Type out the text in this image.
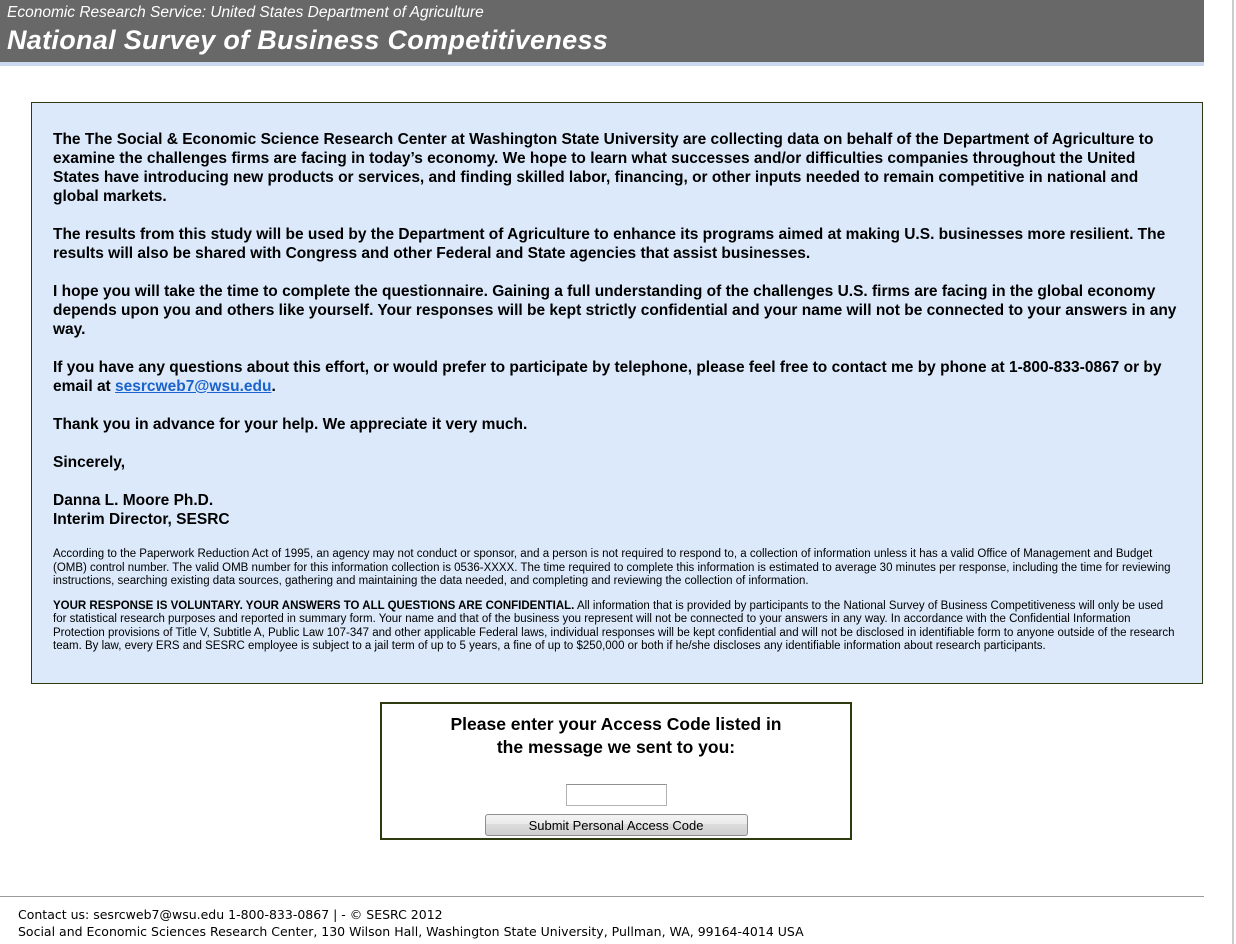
Economic Research Service: United States Department of Agriculture
National Survey of Business Competitiveness

The The Social & Economic Science Research Center at Washington State University are collecting data on behalf of the Department of Agriculture to examine the challenges firms are facing in today’s economy. We hope to learn what successes and/or difficulties companies throughout the United States have introducing new products or services, and finding skilled labor, financing, or other inputs needed to remain competitive in national and global markets.

The results from this study will be used by the Department of Agriculture to enhance its programs aimed at making U.S. businesses more resilient. The results will also be shared with Congress and other Federal and State agencies that assist businesses.

I hope you will take the time to complete the questionnaire. Gaining a full understanding of the challenges U.S. firms are facing in the global economy depends upon you and others like yourself. Your responses will be kept strictly confidential and your name will not be connected to your answers in any way.

If you have any questions about this effort, or would prefer to participate by telephone, please feel free to contact me by phone at 1-800-833-0867 or by email at sesrcweb7@wsu.edu.

Thank you in advance for your help. We appreciate it very much.

Sincerely,

Danna L. Moore Ph.D.
Interim Director, SESRC

According to the Paperwork Reduction Act of 1995, an agency may not conduct or sponsor, and a person is not required to respond to, a collection of information unless it has a valid Office of Management and Budget (OMB) control number. The valid OMB number for this information collection is 0536-XXXX. The time required to complete this information is estimated to average 30 minutes per response, including the time for reviewing instructions, searching existing data sources, gathering and maintaining the data needed, and completing and reviewing the collection of information.

YOUR RESPONSE IS VOLUNTARY. YOUR ANSWERS TO ALL QUESTIONS ARE CONFIDENTIAL. All information that is provided by participants to the National Survey of Business Competitiveness will only be used for statistical research purposes and reported in summary form. Your name and that of the business you represent will not be connected to your answers in any way. In accordance with the Confidential Information Protection provisions of Title V, Subtitle A, Public Law 107-347 and other applicable Federal laws, individual responses will be kept confidential and will not be disclosed in identifiable form to anyone outside of the research team. By law, every ERS and SESRC employee is subject to a jail term of up to 5 years, a fine of up to $250,000 or both if he/she discloses any identifiable information about research participants.

Please enter your Access Code listed in
the message we sent to you:
Submit Personal Access Code
Contact us: sesrcweb7@wsu.edu 1-800-833-0867 | - © SESRC 2012
Social and Economic Sciences Research Center, 130 Wilson Hall, Washington State University, Pullman, WA, 99164-4014 USA
